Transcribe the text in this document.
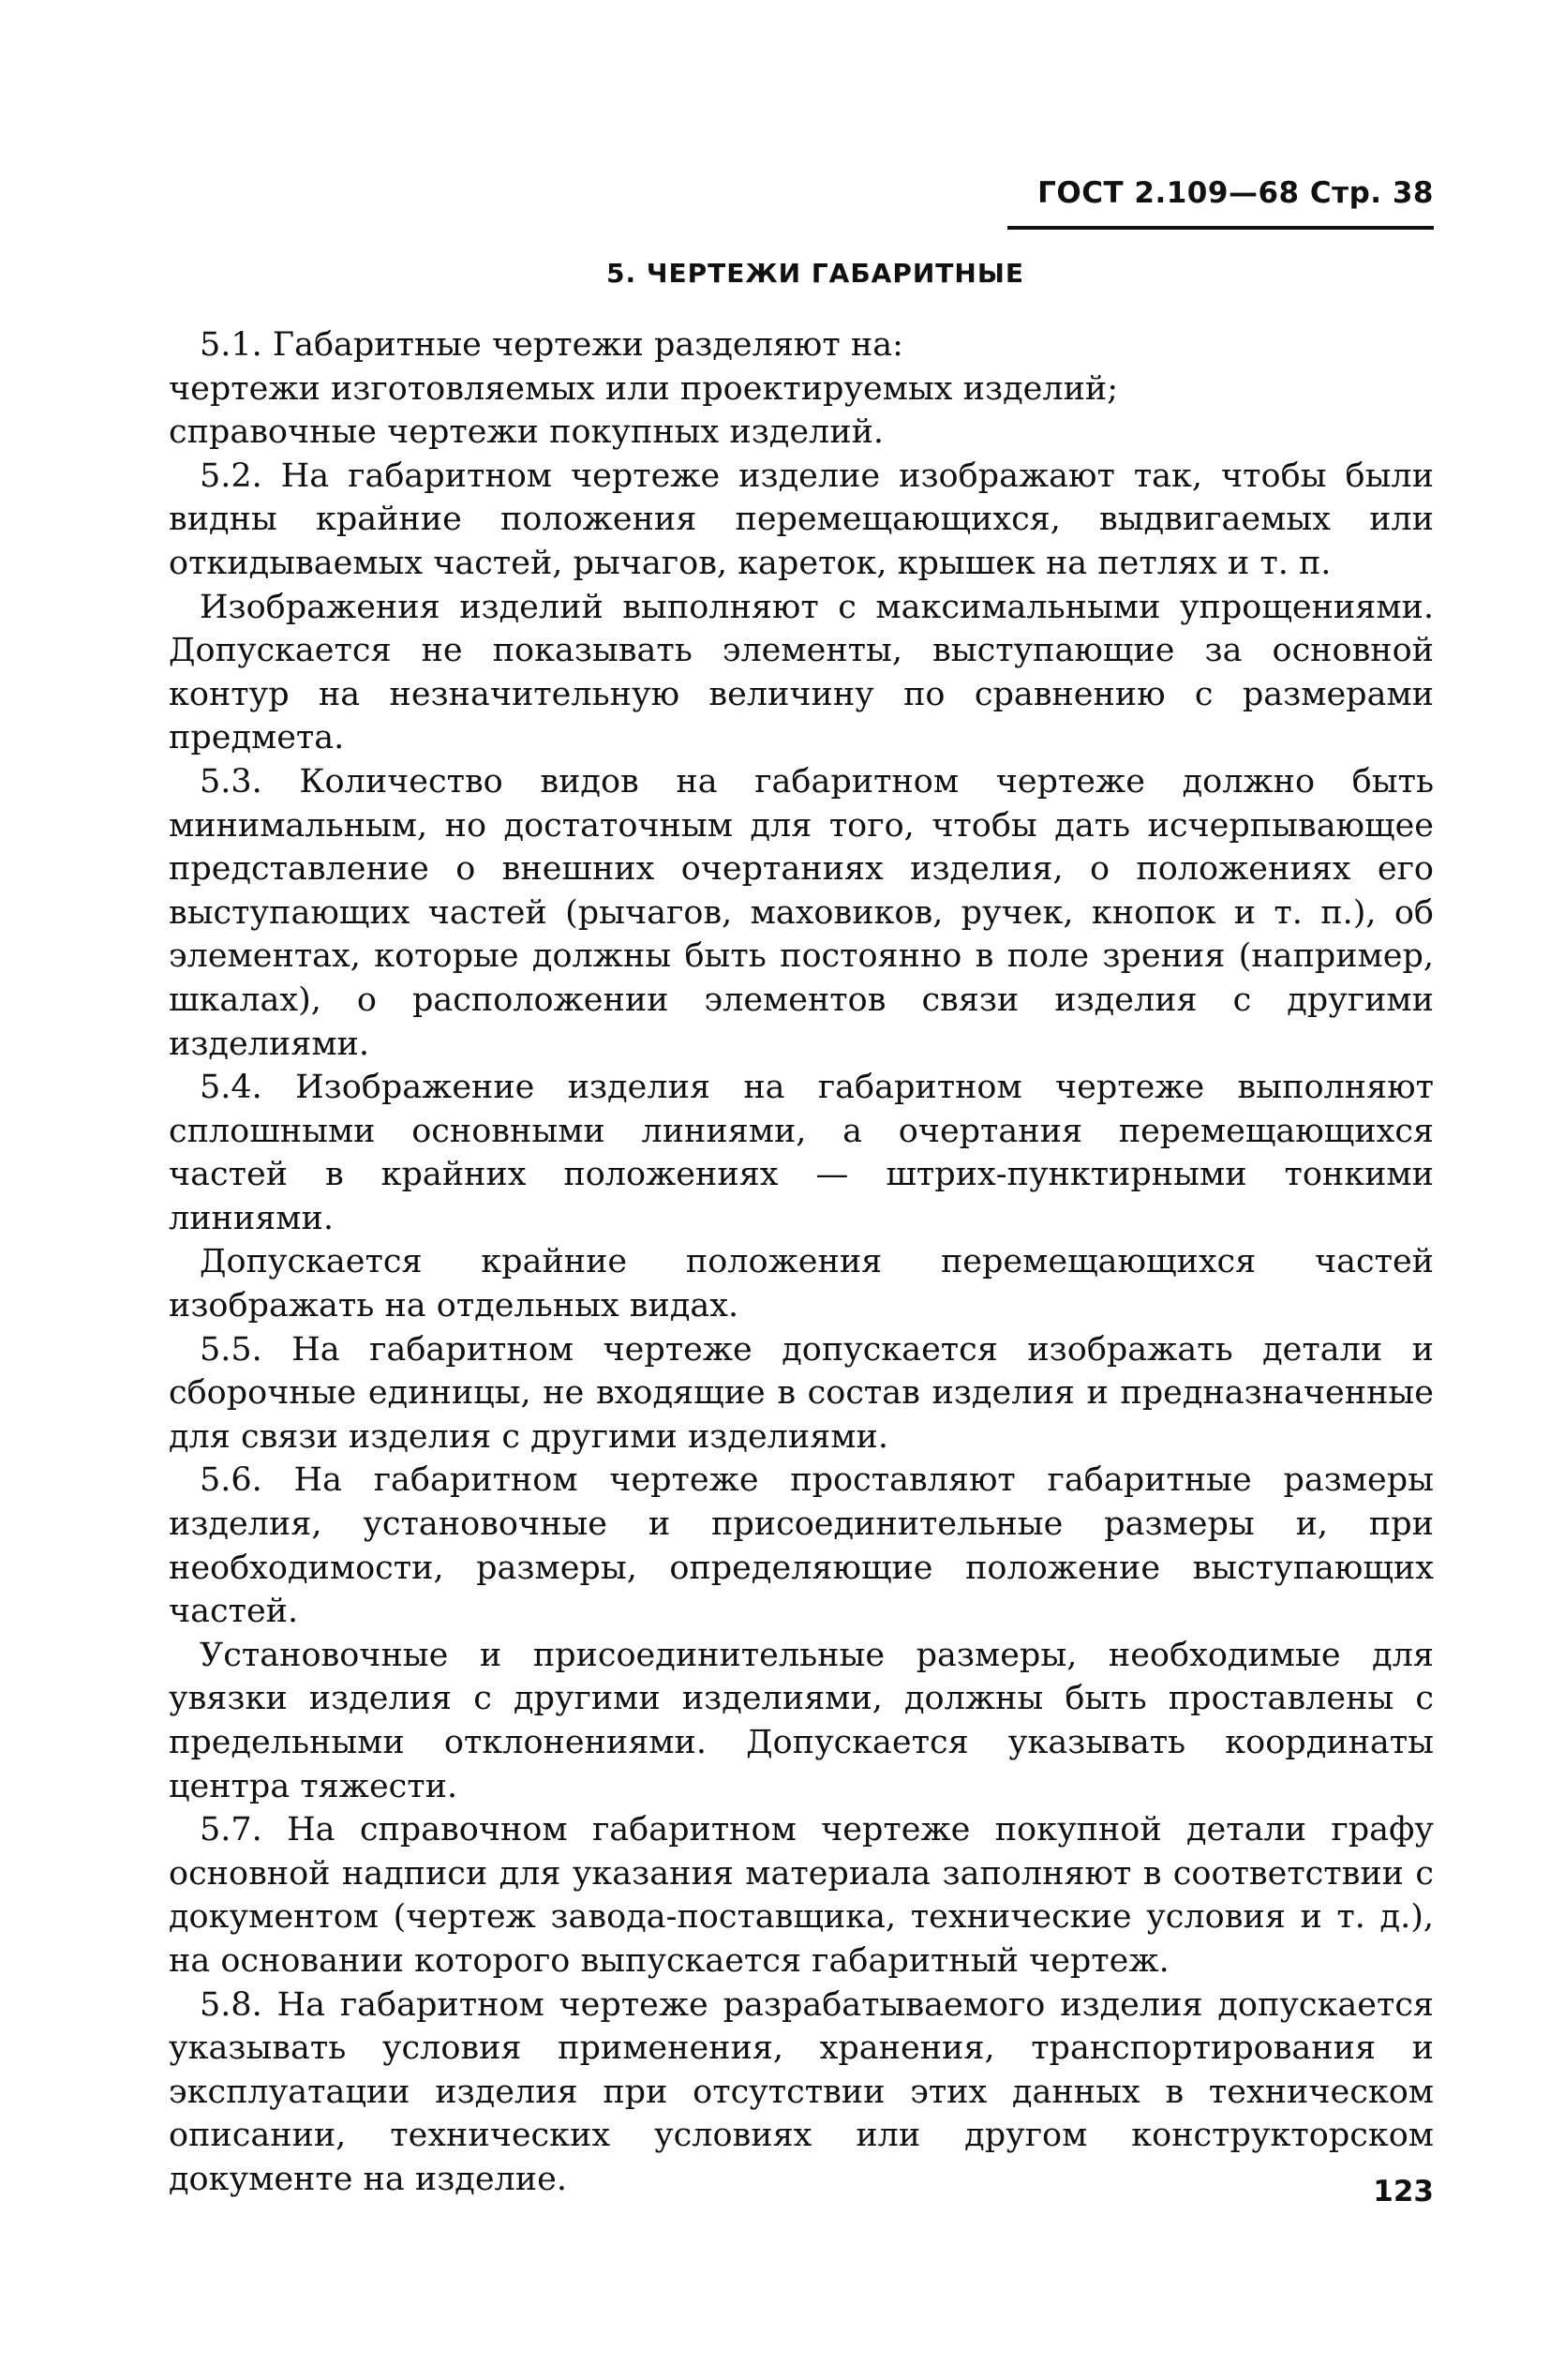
ГОСТ 2.109—68 Стр. 38
5. ЧЕРТЕЖИ ГАБАРИТНЫЕ

5.1. Габаритные чертежи разделяют на:

чертежи изготовляемых или проектируемых изделий;

справочные чертежи покупных изделий.

5.2. На габаритном чертеже изделие изображают так, чтобы были видны крайние положения перемещающихся, выдвигаемых или откидываемых частей, рычагов, кареток, крышек на петлях и т. п.

Изображения изделий выполняют с максимальными упрощениями. Допускается не показывать элементы, выступающие за основной контур на незначительную величину по сравнению с размерами предмета.

5.3. Количество видов на габаритном чертеже должно быть минимальным, но достаточным для того, чтобы дать исчерпывающее представление о внешних очертаниях изделия, о положениях его выступающих частей (рычагов, маховиков, ручек, кнопок и т. п.), об элементах, которые должны быть постоянно в поле зрения (например, шкалах), о расположении элементов связи изделия с другими изделиями.

5.4. Изображение изделия на габаритном чертеже выполняют сплошными основными линиями, а очертания перемещающихся частей в крайних положениях — штрих-пунктирными тонкими линиями.

Допускается крайние положения перемещающихся частей изображать на отдельных видах.

5.5. На габаритном чертеже допускается изображать детали и сборочные единицы, не входящие в состав изделия и предназначенные для связи изделия с другими изделиями.

5.6. На габаритном чертеже проставляют габаритные размеры изделия, установочные и присоединительные размеры и, при необходимости, размеры, определяющие положение выступающих частей.

Установочные и присоединительные размеры, необходимые для увязки изделия с другими изделиями, должны быть проставлены с предельными отклонениями. Допускается указывать координаты центра тяжести.

5.7. На справочном габаритном чертеже покупной детали графу основной надписи для указания материала заполняют в соответствии с документом (чертеж завода-поставщика, технические условия и т. д.), на основании которого выпускается габаритный чертеж.

5.8. На габаритном чертеже разрабатываемого изделия допускается указывать условия применения, хранения, транспортирования и эксплуатации изделия при отсутствии этих данных в техническом описании, технических условиях или другом конструкторском документе на изделие.	123
